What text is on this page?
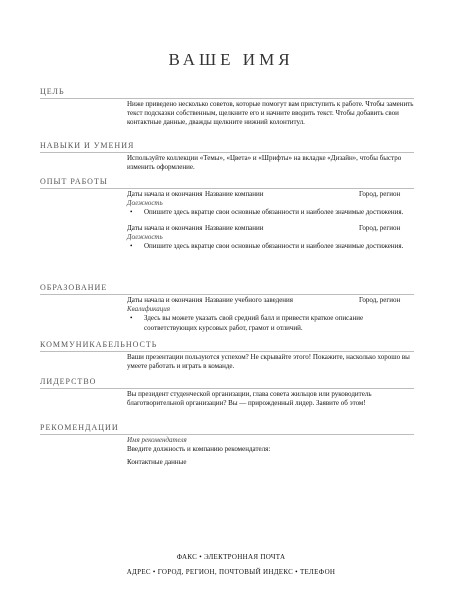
ВАШЕ ИМЯ
ЦЕЛЬ
Ниже приведено несколько советов, которые помогут вам приступить к работе. Чтобы заменить текст подсказки собственным, щелкните его и начните вводить текст. Чтобы добавить свои контактные данные, дважды щелкните нижний колонтитул.
НАВЫКИ И УМЕНИЯ
Используйте коллекции «Темы», «Цвета» и «Шрифты» на вкладке «Дизайн», чтобы быстро изменить оформление.
ОПЫТ РАБОТЫ
Даты начала и окончания Название компании	Город, регион
Должность
•	Опишите здесь вкратце свои основные обязанности и наиболее значимые достижения.
Даты начала и окончания Название компании	Город, регион
Должность
•	Опишите здесь вкратце свои основные обязанности и наиболее значимые достижения.
ОБРАЗОВАНИЕ
Даты начала и окончания Название учебного заведения	Город, регион
Квалификация
•	Здесь вы можете указать свой средний балл и привести краткое описание соответствующих курсовых работ, грамот и отличий.
КОММУНИКАБЕЛЬНОСТЬ
Ваши презентации пользуются успехом? Не скрывайте этого! Покажите, насколько хорошо вы умеете работать и играть в команде.
ЛИДЕРСТВО
Вы президент студенческой организации, глава совета жильцов или руководитель благотворительной организации? Вы — прирожденный лидер. Заявите об этом!
РЕКОМЕНДАЦИИ
Имя рекомендателя
Введите должность и компанию рекомендателя:
Контактные данные
ФАКС • ЭЛЕКТРОННАЯ ПОЧТА
АДРЕС • ГОРОД, РЕГИОН, ПОЧТОВЫЙ ИНДЕКС • ТЕЛЕФОН
